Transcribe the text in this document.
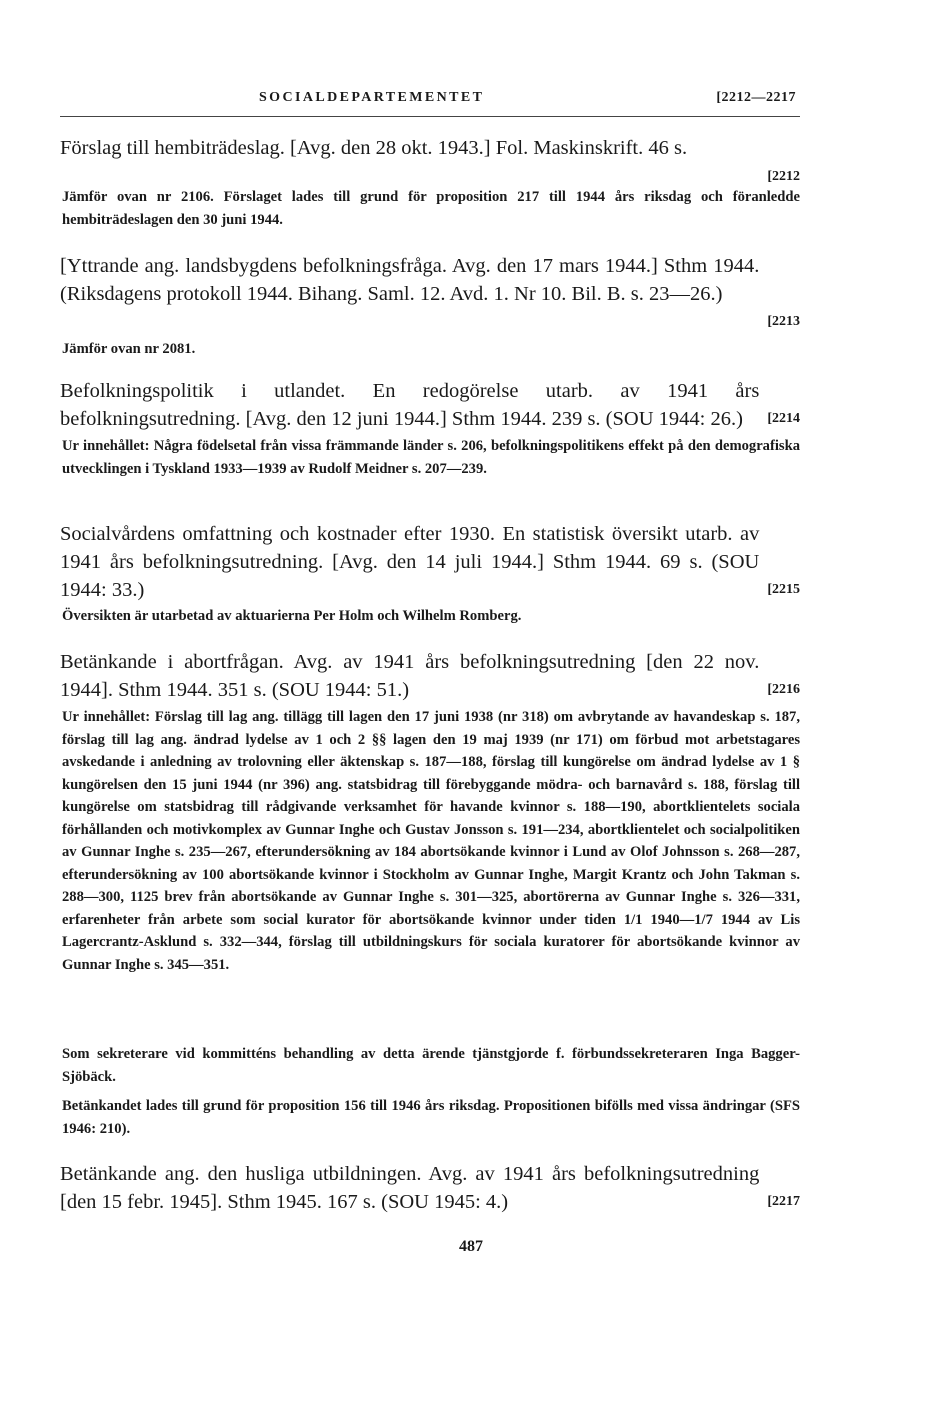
SOCIALDEPARTEMENTET	[2212—2217
Förslag till hembiträdeslag. [Avg. den 28 okt. 1943.] Fol. Maskinskrift. 46 s.
[2212
Jämför ovan nr 2106. Förslaget lades till grund för proposition 217 till 1944 års riksdag och föranledde hembiträdeslagen den 30 juni 1944.
[2213
[Yttrande ang. landsbygdens befolkningsfråga. Avg. den 17 mars 1944.] Sthm 1944. (Riksdagens protokoll 1944. Bihang. Saml. 12. Avd. 1. Nr 10. Bil. B. s. 23—26.)
Jämför ovan nr 2081.
[2214
Befolkningspolitik i utlandet. En redogörelse utarb. av 1941 års befolkningsutredning. [Avg. den 12 juni 1944.] Sthm 1944. 239 s. (SOU 1944: 26.)
Ur innehållet: Några födelsetal från vissa främmande länder s. 206, befolkningspolitikens effekt på den demografiska utvecklingen i Tyskland 1933—1939 av Rudolf Meidner s. 207—239.
[2215
Socialvårdens omfattning och kostnader efter 1930. En statistisk översikt utarb. av 1941 års befolkningsutredning. [Avg. den 14 juli 1944.] Sthm 1944. 69 s. (SOU 1944: 33.)
Översikten är utarbetad av aktuarierna Per Holm och Wilhelm Romberg.
[2216
Betänkande i abortfrågan. Avg. av 1941 års befolkningsutredning [den 22 nov. 1944]. Sthm 1944. 351 s. (SOU 1944: 51.)
Ur innehållet: Förslag till lag ang. tillägg till lagen den 17 juni 1938 (nr 318) om avbrytande av havandeskap s. 187, förslag till lag ang. ändrad lydelse av 1 och 2 §§ lagen den 19 maj 1939 (nr 171) om förbud mot arbetstagares avskedande i anledning av trolovning eller äktenskap s. 187—188, förslag till kungörelse om ändrad lydelse av 1 § kungörelsen den 15 juni 1944 (nr 396) ang. statsbidrag till förebyggande mödra- och barnavård s. 188, förslag till kungörelse om statsbidrag till rådgivande verksamhet för havande kvinnor s. 188—190, abortklientelets sociala förhållanden och motivkomplex av Gunnar Inghe och Gustav Jonsson s. 191—234, abortklientelet och socialpolitiken av Gunnar Inghe s. 235—267, efterundersökning av 184 abortsökande kvinnor i Lund av Olof Johnsson s. 268—287, efterundersökning av 100 abortsökande kvinnor i Stockholm av Gunnar Inghe, Margit Krantz och John Takman s. 288—300, 1125 brev från abortsökande av Gunnar Inghe s. 301—325, abortörerna av Gunnar Inghe s. 326—331, erfarenheter från arbete som social kurator för abortsökande kvinnor under tiden 1/1 1940—1/7 1944 av Lis Lagercrantz-Asklund s. 332—344, förslag till utbildningskurs för sociala kuratorer för abortsökande kvinnor av Gunnar Inghe s. 345—351.
Som sekreterare vid kommitténs behandling av detta ärende tjänstgjorde f. förbundssekreteraren Inga Bagger-Sjöbäck.
Betänkandet lades till grund för proposition 156 till 1946 års riksdag. Propositionen bifölls med vissa ändringar (SFS 1946: 210).
[2217
Betänkande ang. den husliga utbildningen. Avg. av 1941 års befolkningsutredning [den 15 febr. 1945]. Sthm 1945. 167 s. (SOU 1945: 4.)
487
